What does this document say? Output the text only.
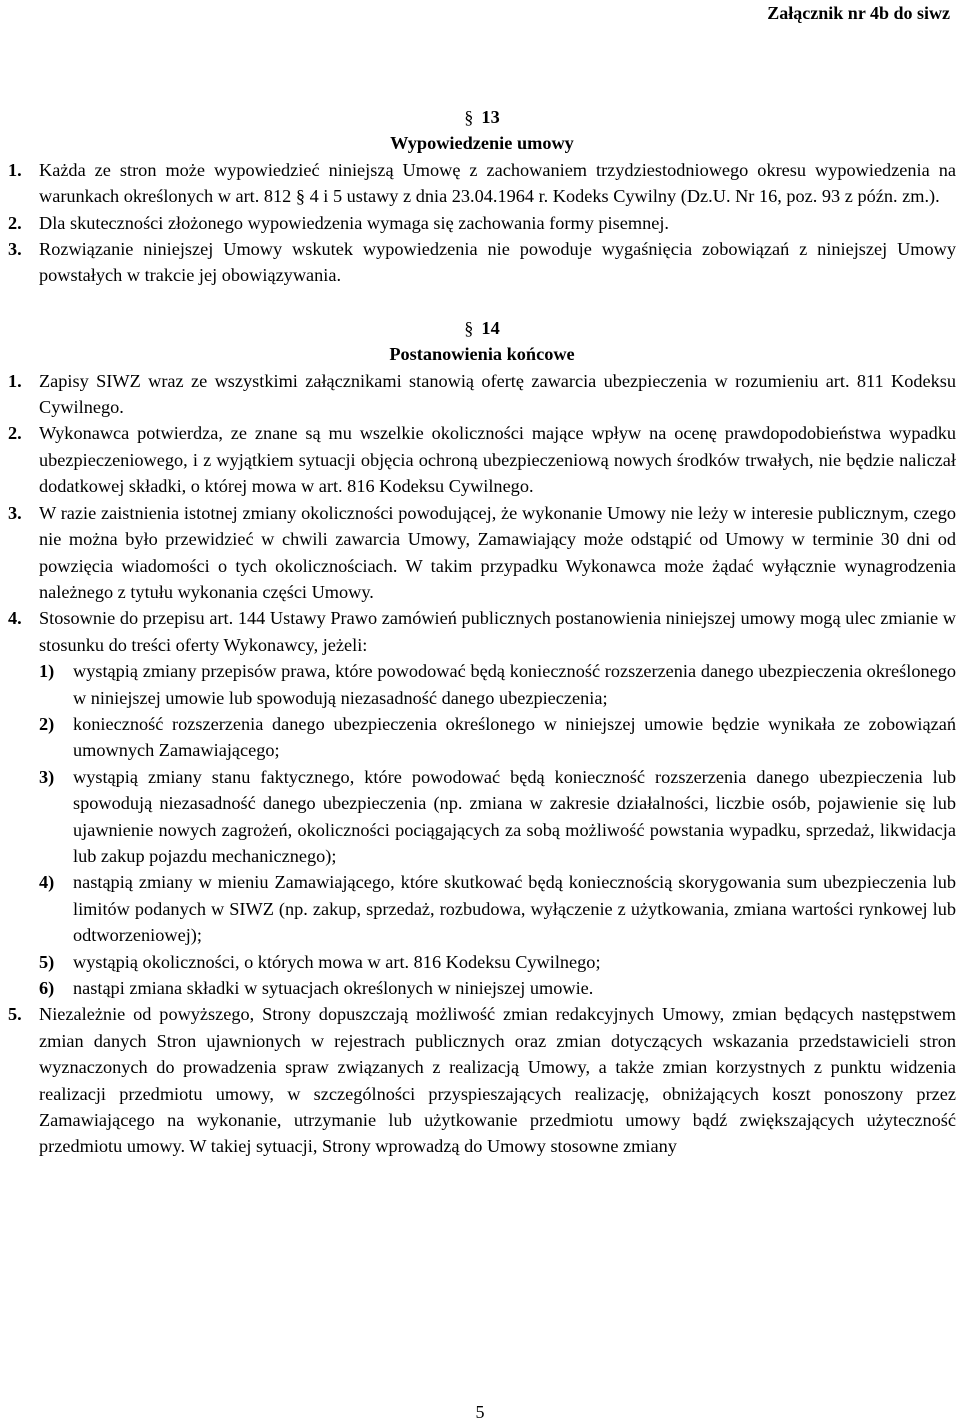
Załącznik nr 4b do siwz
§ 13
Wypowiedzenie umowy
1. Każda ze stron może wypowiedzieć niniejszą Umowę z zachowaniem trzydziestodniowego okresu wypowiedzenia na warunkach określonych w art. 812 § 4 i 5 ustawy z dnia 23.04.1964 r. Kodeks Cywilny (Dz.U. Nr 16, poz. 93 z późn. zm.).
2. Dla skuteczności złożonego wypowiedzenia wymaga się zachowania formy pisemnej.
3. Rozwiązanie niniejszej Umowy wskutek wypowiedzenia nie powoduje wygaśnięcia zobowiązań z niniejszej Umowy powstałych w trakcie jej obowiązywania.
§ 14
Postanowienia końcowe
1. Zapisy SIWZ wraz ze wszystkimi załącznikami stanowią ofertę zawarcia ubezpieczenia w rozumieniu art. 811 Kodeksu Cywilnego.
2. Wykonawca potwierdza, ze znane są mu wszelkie okoliczności mające wpływ na ocenę prawdopodobieństwa wypadku ubezpieczeniowego, i z wyjątkiem sytuacji objęcia ochroną ubezpieczeniową nowych środków trwałych, nie będzie naliczał dodatkowej składki, o której mowa w art. 816 Kodeksu Cywilnego.
3. W razie zaistnienia istotnej zmiany okoliczności powodującej, że wykonanie Umowy nie leży w interesie publicznym, czego nie można było przewidzieć w chwili zawarcia Umowy, Zamawiający może odstąpić od Umowy w terminie 30 dni od powzięcia wiadomości o tych okolicznościach. W takim przypadku Wykonawca może żądać wyłącznie wynagrodzenia należnego z tytułu wykonania części Umowy.
4. Stosownie do przepisu art. 144 Ustawy Prawo zamówień publicznych postanowienia niniejszej umowy mogą ulec zmianie w stosunku do treści oferty Wykonawcy, jeżeli:
1)	wystąpią zmiany przepisów prawa, które powodować będą konieczność rozszerzenia danego ubezpieczenia określonego w niniejszej umowie lub spowodują niezasadność danego ubezpieczenia;
2)	konieczność rozszerzenia danego ubezpieczenia określonego w niniejszej umowie będzie wynikała ze zobowiązań umownych Zamawiającego;
3)	wystąpią zmiany stanu faktycznego, które powodować będą konieczność rozszerzenia danego ubezpieczenia lub spowodują niezasadność danego ubezpieczenia (np. zmiana w zakresie działalności, liczbie osób, pojawienie się lub ujawnienie nowych zagrożeń, okoliczności pociągających za sobą możliwość powstania wypadku, sprzedaż, likwidacja lub zakup pojazdu mechanicznego);
4)	nastąpią zmiany w mieniu Zamawiającego, które skutkować będą koniecznością skorygowania sum ubezpieczenia lub limitów podanych w SIWZ (np. zakup, sprzedaż, rozbudowa, wyłączenie z użytkowania, zmiana wartości rynkowej lub odtworzeniowej);
5)	wystąpią okoliczności, o których mowa w art. 816 Kodeksu Cywilnego;
6)	nastąpi zmiana składki w sytuacjach określonych w niniejszej umowie.
5. Niezależnie od powyższego, Strony dopuszczają możliwość zmian redakcyjnych Umowy, zmian będących następstwem zmian danych Stron ujawnionych w rejestrach publicznych oraz zmian dotyczących wskazania przedstawicieli stron wyznaczonych do prowadzenia spraw związanych z realizacją Umowy, a także zmian korzystnych z punktu widzenia realizacji przedmiotu umowy, w szczególności przyspieszających realizację, obniżających koszt ponoszony przez Zamawiającego na wykonanie, utrzymanie lub użytkowanie przedmiotu umowy bądź zwiększających użyteczność przedmiotu umowy. W takiej sytuacji, Strony wprowadzą do Umowy stosowne zmiany
5
